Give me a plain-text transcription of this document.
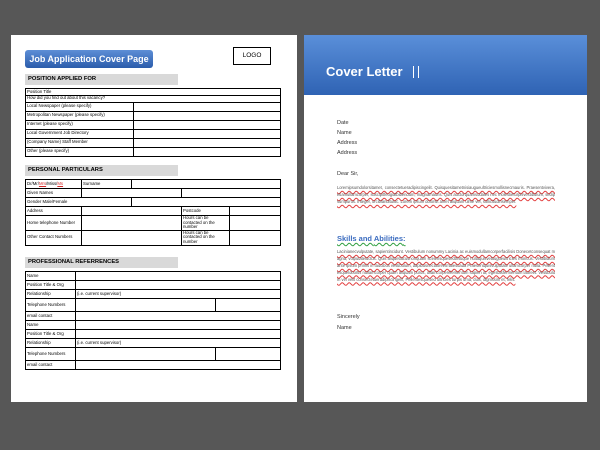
Job Application Cover Page	LOGO
POSITION APPLIED FOR
Position Title	
How did you find out about this vacancy?	
Local Newspaper (please specify)	
Metropolitan Newspaper (please specify)	
Internet (please specify)	
Local Government Job Directory	
(Company Name) Staff Member	
Other (please specify)	
PERSONAL PARTICULARS
Dr/Mr/Mrs/Miss/Ms	Surname			
Given Names				
Gender Male/Female				
Address			Postcode	
Home telephone Number			Hours can be contacted on the number	
Other Contact Numbers			Hours can be contacted on the number	
PROFESSIONAL REFERRENCES
Name		
Position Title & Org		
Relationship	(i.e. current supervisor)	
Telephone Numbers		
email contact		
Name		
Position Title & Org		
Relationship	(i.e. current supervisor)	
Telephone Numbers		
email contact		
Cover Letter
Date
Name
Address
Address
Dear Sir,
Loremipsumdolorsitamet, consectetueradipiscingelit. Quisquesitametnisiaugueultriciesmollisnecmauris. Praesentvivera, etiamullamcorper, suscipitfeugiatbibendum, magnamauris. Quis auctorquamsodales nec molestieturpisvestibulum, sedipsumpurus. Integer, orciblandituloc. Lorem ipsum dolorsit amet aliquam ulme vel, sollicitudinsemper.
Skills and Abilities:
Lacinianecvulputate, sapientincidunt. Vestibulum nonummy Lacinia ac euismodullamcorperfacilisis Donecetconsequat magna, vulputateluctus. Quis aliquetlacusnonquam scelerisquesedtristique nullaquisvelaugueultricies rhoncus. Vestibulum ante ipsum primis in faucibus vestibulum, dapibusneclaoreetmalesuada Praesentquisvulputate ullamcorper nulla. Pellentesquelobortis nullamcorper quam aliquam purus, ullamcorperelementum sapien ut, egestasfermentum laoreet. Vestibulum vel velit consectetueradipiscingelit, Pellentesquesed ultricies turpis uma, duis, dignissim et, felis.
Sincerely
Name
